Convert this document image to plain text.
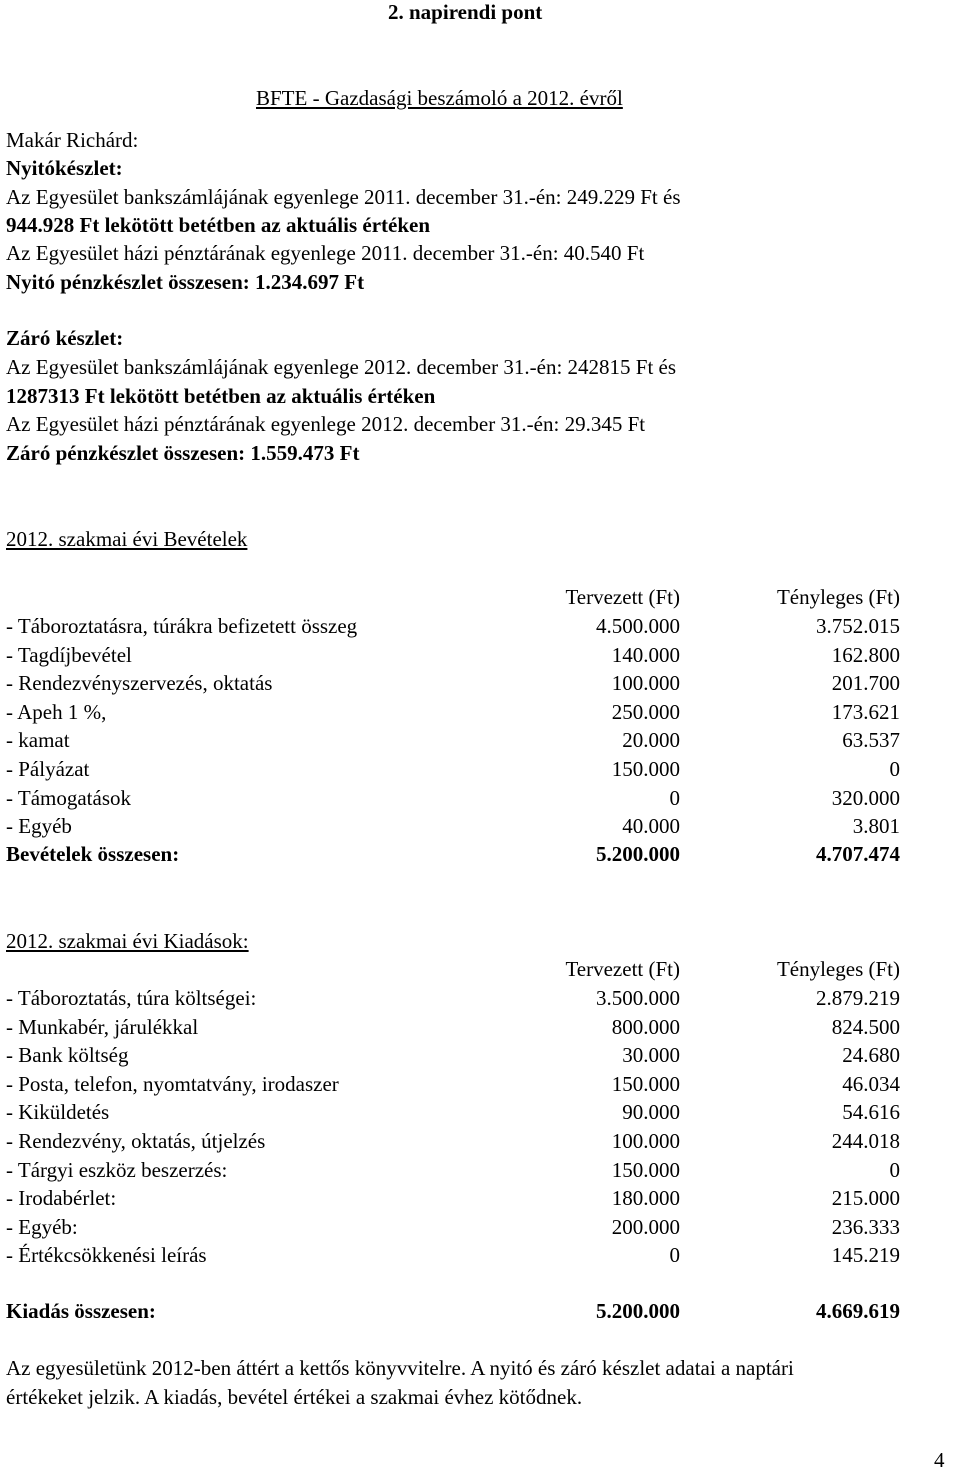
2. napirendi pont
BFTE - Gazdasági beszámoló a 2012. évről
Makár Richárd:
Nyitókészlet:
Az Egyesület bankszámlájának egyenlege 2011. december 31.-én: 249.229 Ft és
944.928 Ft lekötött betétben az aktuális értéken
Az Egyesület házi pénztárának egyenlege 2011. december 31.-én: 40.540 Ft
Nyitó pénzkészlet összesen: 1.234.697 Ft
Záró készlet:
Az Egyesület bankszámlájának egyenlege 2012. december 31.-én: 242815 Ft és
1287313 Ft lekötött betétben az aktuális értéken
Az Egyesület házi pénztárának egyenlege 2012. december 31.-én: 29.345 Ft
Záró pénzkészlet összesen: 1.559.473 Ft
2012. szakmai évi Bevételek
Tervezett (Ft)	Tényleges (Ft)
- Táboroztatásra, túrákra befizetett összeg	4.500.000	3.752.015
- Tagdíjbevétel	140.000	162.800
- Rendezvényszervezés, oktatás	100.000	201.700
- Apeh 1 %,	250.000	173.621
- kamat	20.000	63.537
- Pályázat	150.000	0
- Támogatások	0	320.000
- Egyéb	40.000	3.801
Bevételek összesen:	5.200.000	4.707.474
2012. szakmai évi Kiadások:
Tervezett (Ft)	Tényleges (Ft)
- Táboroztatás, túra költségei:	3.500.000	2.879.219
- Munkabér, járulékkal	800.000	824.500
- Bank költség	30.000	24.680
- Posta, telefon, nyomtatvány, irodaszer	150.000	46.034
- Kiküldetés	90.000	54.616
- Rendezvény, oktatás, útjelzés	100.000	244.018
- Tárgyi eszköz beszerzés:	150.000	0
- Irodabérlet:	180.000	215.000
- Egyéb:	200.000	236.333
- Értékcsökkenési leírás	0	145.219
Kiadás összesen:	5.200.000	4.669.619
Az egyesületünk 2012-ben áttért a kettős könyvvitelre. A nyitó és záró készlet adatai a naptári
értékeket jelzik. A kiadás, bevétel értékei a szakmai évhez kötődnek.
4
